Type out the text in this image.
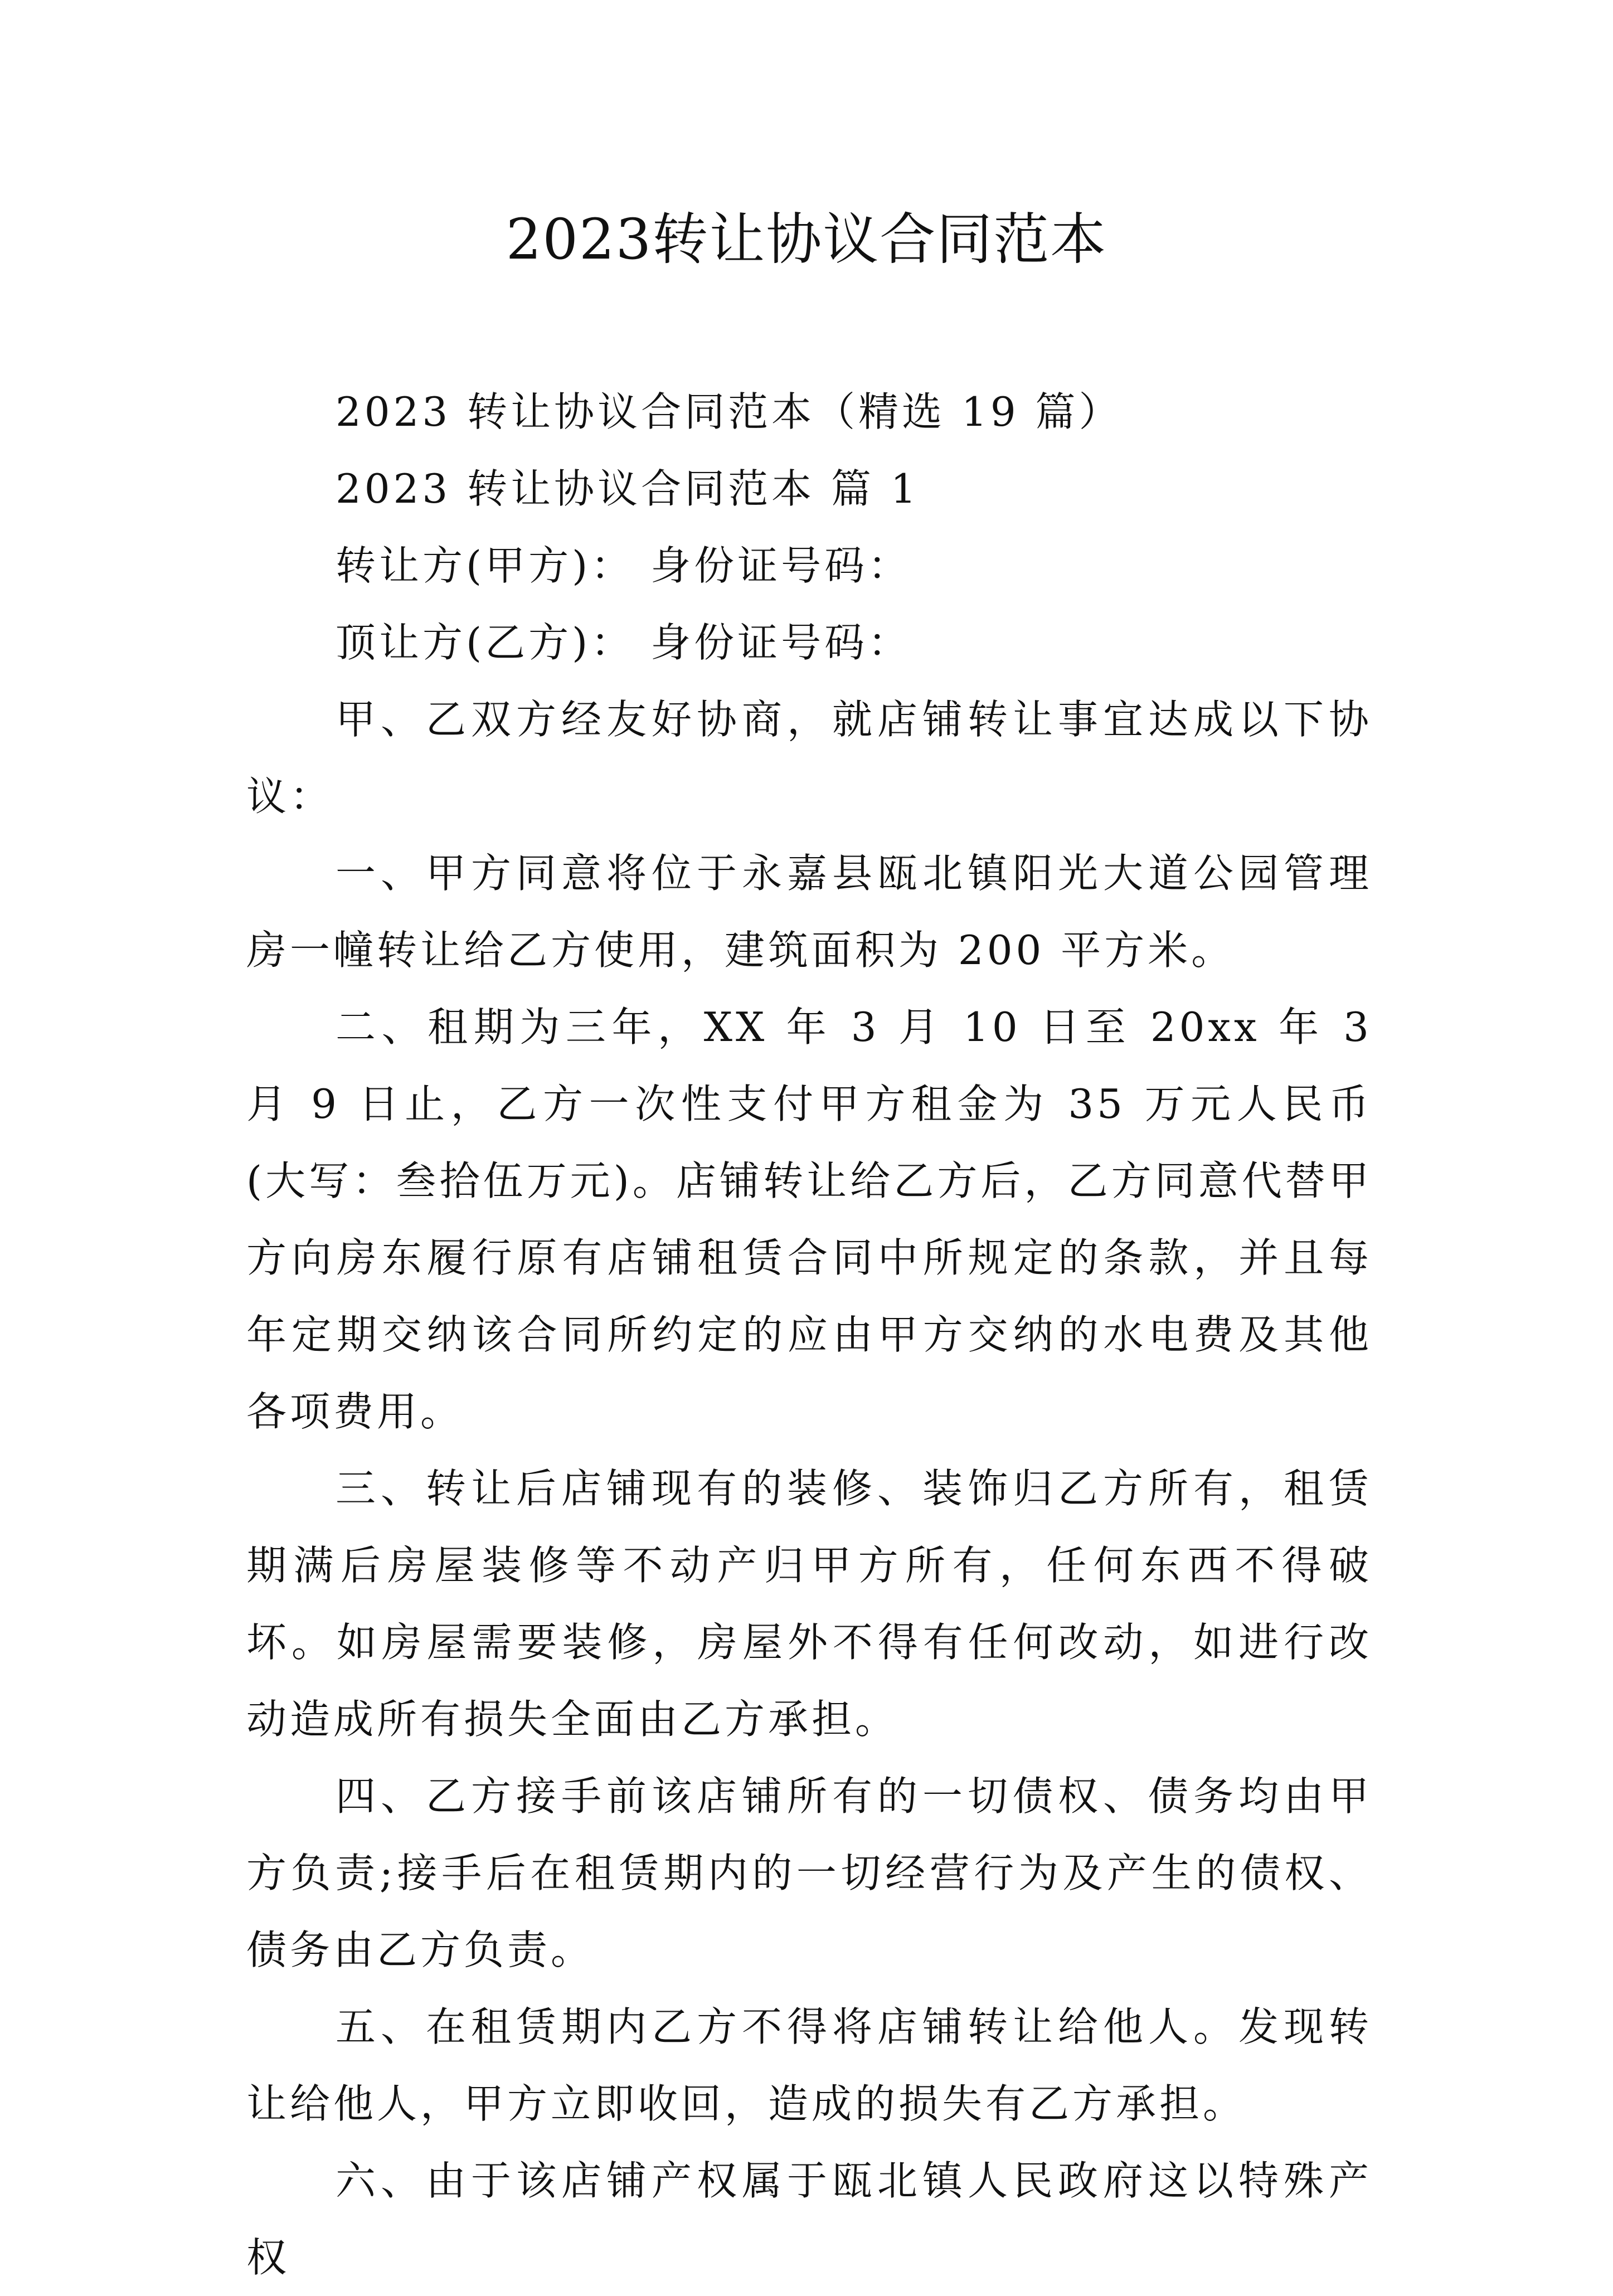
2023转让协议合同范本

2023 转让协议合同范本（精选 19 篇）

2023 转让协议合同范本 篇 1

转让方(甲方)： 身份证号码：

顶让方(乙方)： 身份证号码：

甲、乙双方经友好协商，就店铺转让事宜达成以下协议：

一、甲方同意将位于永嘉县瓯北镇阳光大道公园管理房一幢转让给乙方使用，建筑面积为 200 平方米。

二、租期为三年，XX 年 3 月 10 日至 20xx 年 3 月 9 日止，乙方一次性支付甲方租金为 35 万元人民币(大写：叁拾伍万元)。店铺转让给乙方后，乙方同意代替甲方向房东履行原有店铺租赁合同中所规定的条款，并且每年定期交纳该合同所约定的应由甲方交纳的水电费及其他各项费用。

三、转让后店铺现有的装修、装饰归乙方所有，租赁期满后房屋装修等不动产归甲方所有，任何东西不得破坏。如房屋需要装修，房屋外不得有任何改动，如进行改动造成所有损失全面由乙方承担。

四、乙方接手前该店铺所有的一切债权、债务均由甲方负责;接手后在租赁期内的一切经营行为及产生的债权、债务由乙方负责。

五、在租赁期内乙方不得将店铺转让给他人。发现转让给他人，甲方立即收回，造成的损失有乙方承担。

六、由于该店铺产权属于瓯北镇人民政府这以特殊产权
